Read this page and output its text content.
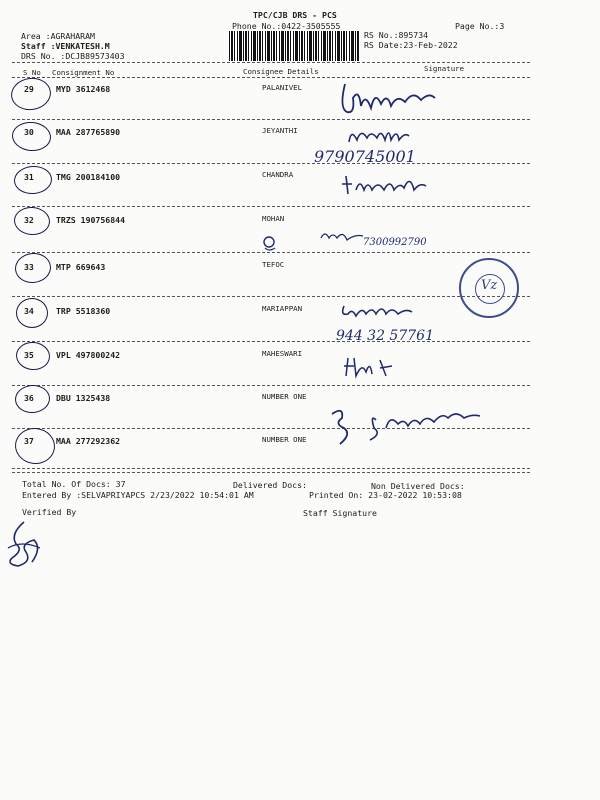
TPC/CJB DRS - PCS
Phone No.:0422-3505555	Page No.:3
Area :AGRAHARAM
Staff :VENKATESH.M
DRS No. :DCJB89573403
RS No.:895734
RS Date:23-Feb-2022
S No Consignment No	Consignee Details	Signature
29	MYD 3612468	PALANIVEL
30	MAA 287765890	JEYANTHI
9790745001
31	TMG 200184100	CHANDRA
32	TRZS 190756844	MOHAN
7300992790
33	MTP 669643	TEFOC
34	TRP 5518360	MARIAPPAN
944 32 57761
35	VPL 497800242	MAHESWARI
36	DBU 1325438	NUMBER ONE
37	MAA 277292362	NUMBER ONE
Vz
Total No. Of Docs: 37	Delivered Docs:	Non Delivered Docs:
Entered By :SELVAPRIYAPCS 2/23/2022 10:54:01 AM	Printed On: 23-02-2022 10:53:08
Verified By	Staff Signature
